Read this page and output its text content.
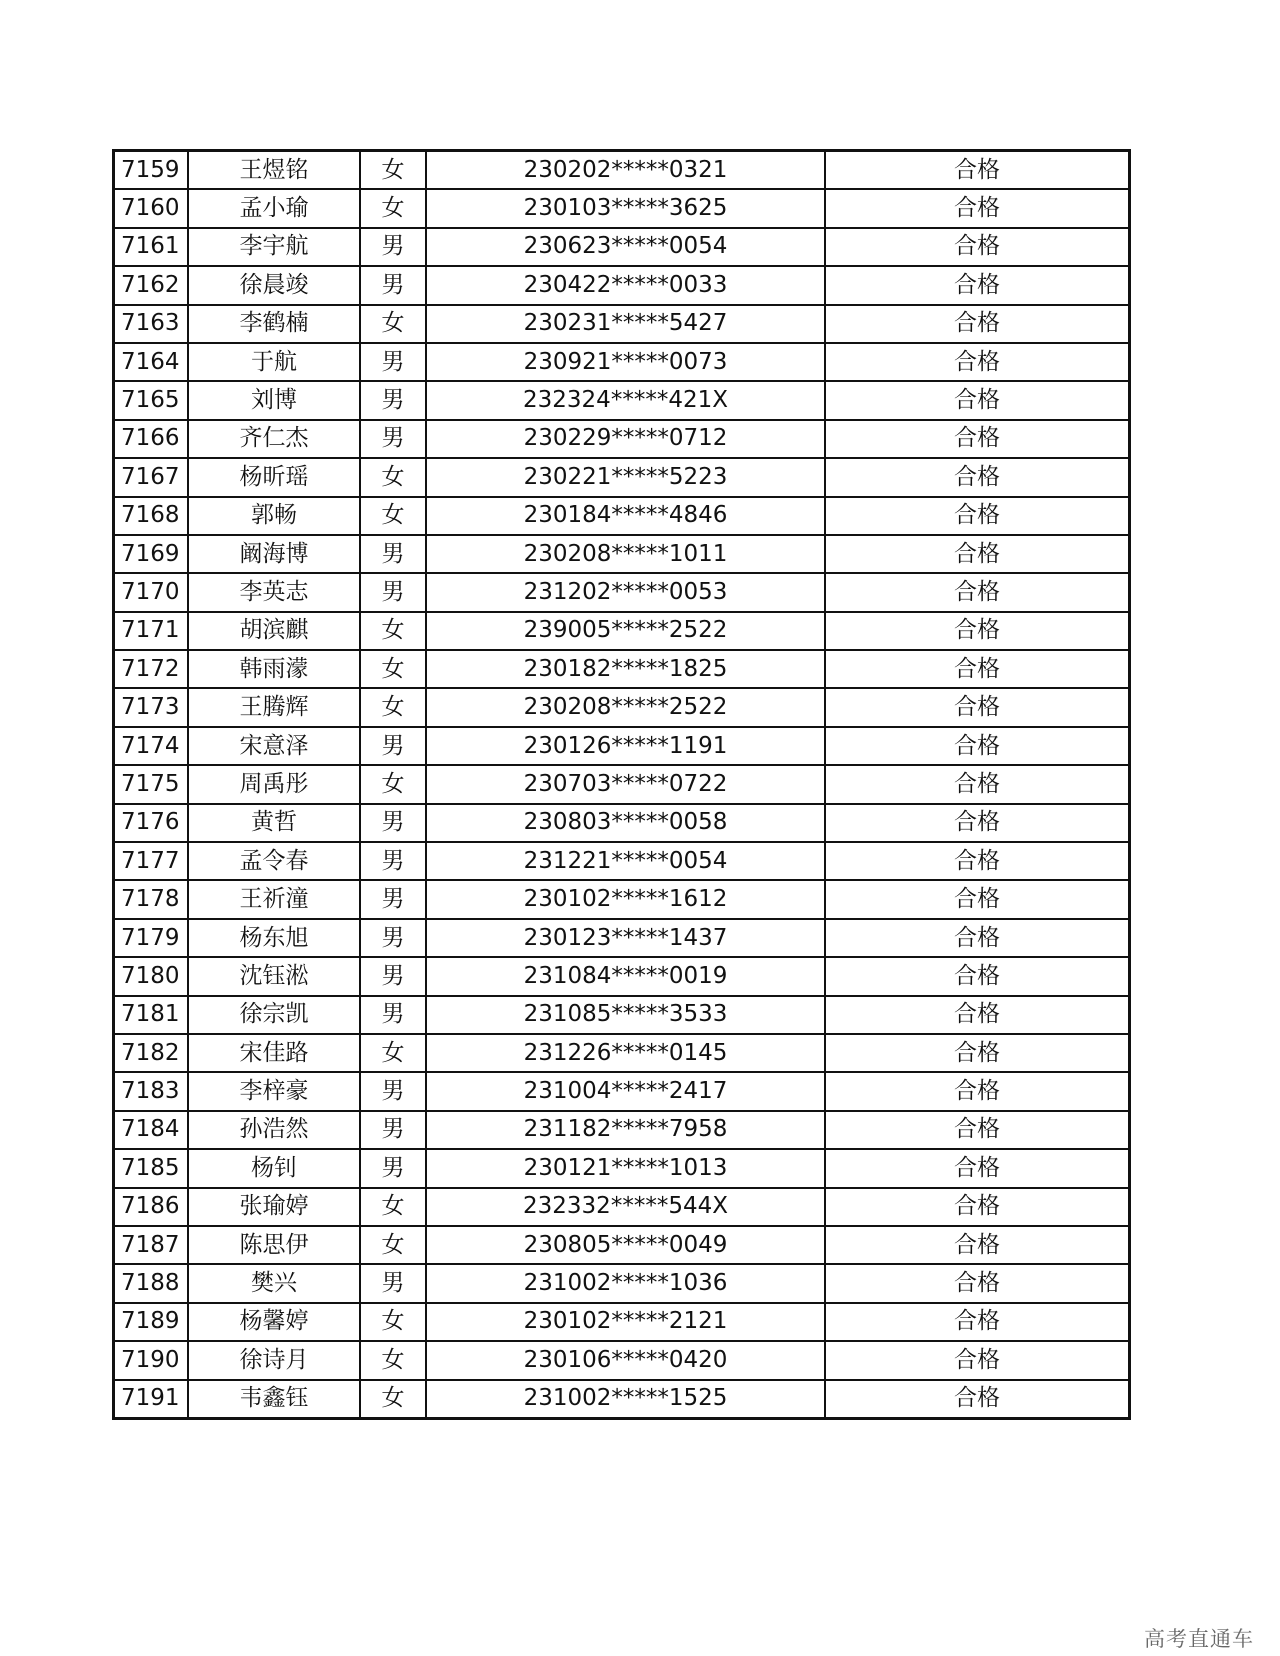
7159	王煜铭	女	230202*****0321	合格
7160	孟小瑜	女	230103*****3625	合格
7161	李宇航	男	230623*****0054	合格
7162	徐晨竣	男	230422*****0033	合格
7163	李鹤楠	女	230231*****5427	合格
7164	于航	男	230921*****0073	合格
7165	刘博	男	232324*****421X	合格
7166	齐仁杰	男	230229*****0712	合格
7167	杨昕瑶	女	230221*****5223	合格
7168	郭畅	女	230184*****4846	合格
7169	阚海博	男	230208*****1011	合格
7170	李英志	男	231202*****0053	合格
7171	胡滨麒	女	239005*****2522	合格
7172	韩雨濛	女	230182*****1825	合格
7173	王腾辉	女	230208*****2522	合格
7174	宋意泽	男	230126*****1191	合格
7175	周禹彤	女	230703*****0722	合格
7176	黄哲	男	230803*****0058	合格
7177	孟令春	男	231221*****0054	合格
7178	王祈潼	男	230102*****1612	合格
7179	杨东旭	男	230123*****1437	合格
7180	沈钰淞	男	231084*****0019	合格
7181	徐宗凯	男	231085*****3533	合格
7182	宋佳路	女	231226*****0145	合格
7183	李梓豪	男	231004*****2417	合格
7184	孙浩然	男	231182*****7958	合格
7185	杨钊	男	230121*****1013	合格
7186	张瑜婷	女	232332*****544X	合格
7187	陈思伊	女	230805*****0049	合格
7188	樊兴	男	231002*****1036	合格
7189	杨馨婷	女	230102*****2121	合格
7190	徐诗月	女	230106*****0420	合格
7191	韦鑫钰	女	231002*****1525	合格
高考直通车
